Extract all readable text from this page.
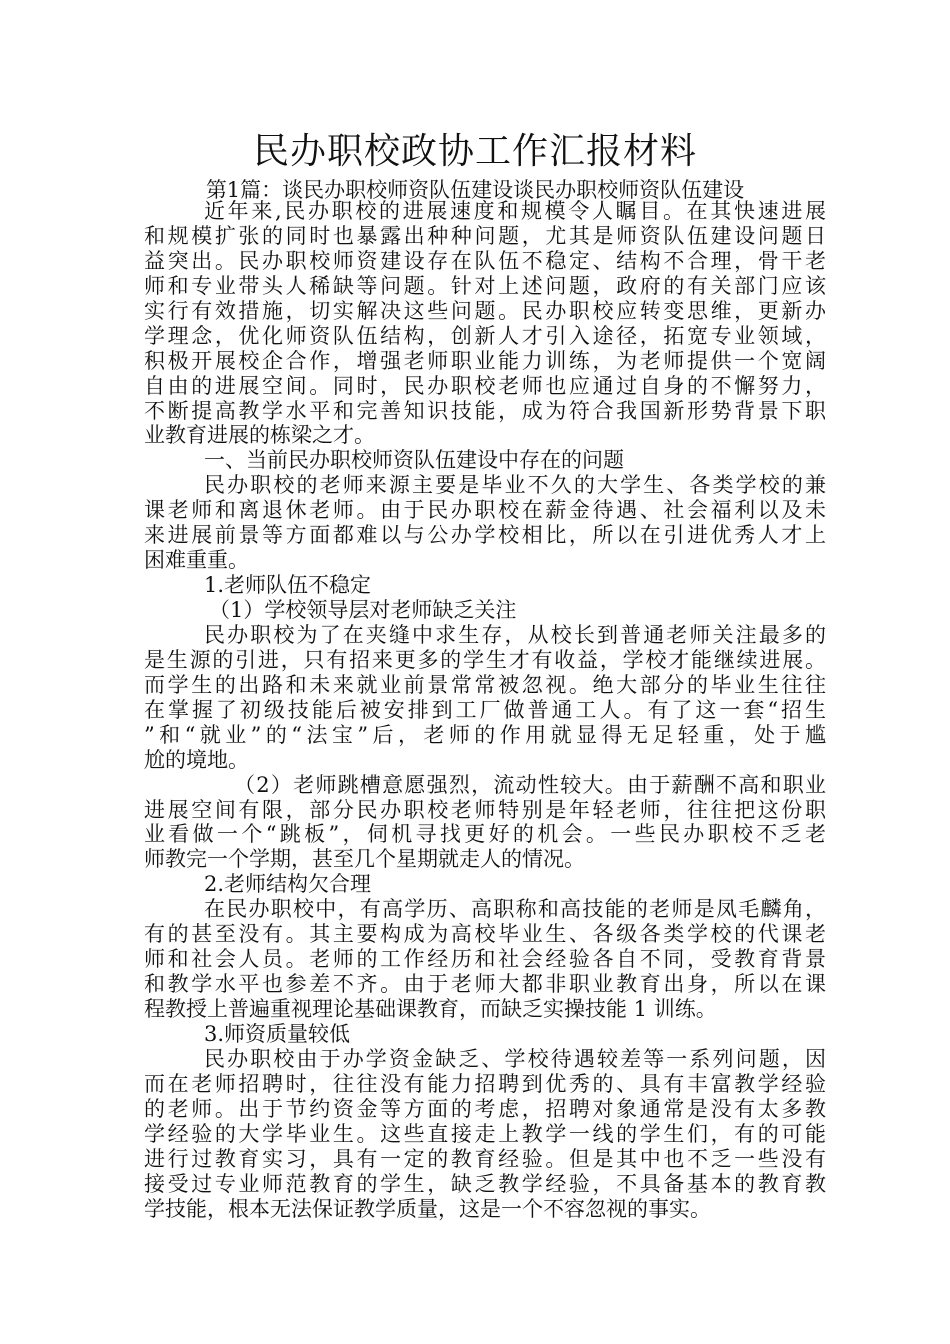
民办职校政协工作汇报材料

第1篇：谈民办职校师资队伍建设谈民办职校师资队伍建设

近年来,民办职校的进展速度和规模令人瞩目。在其快速进展
和规模扩张的同时也暴露出种种问题，尤其是师资队伍建设问题日
益突出。民办职校师资建设存在队伍不稳定、结构不合理，骨干老
师和专业带头人稀缺等问题。针对上述问题，政府的有关部门应该
实行有效措施，切实解决这些问题。民办职校应转变思维，更新办
学理念，优化师资队伍结构，创新人才引入途径，拓宽专业领域，
积极开展校企合作，增强老师职业能力训练，为老师提供一个宽阔
自由的进展空间。同时，民办职校老师也应通过自身的不懈努力，
不断提高教学水平和完善知识技能，成为符合我国新形势背景下职
业教育进展的栋梁之才。
一、当前民办职校师资队伍建设中存在的问题
民办职校的老师来源主要是毕业不久的大学生、各类学校的兼
课老师和离退休老师。由于民办职校在薪金待遇、社会福利以及未
来进展前景等方面都难以与公办学校相比，所以在引进优秀人才上
困难重重。
1.老师队伍不稳定
（1）学校领导层对老师缺乏关注
民办职校为了在夹缝中求生存，从校长到普通老师关注最多的
是生源的引进，只有招来更多的学生才有收益，学校才能继续进展。
而学生的出路和未来就业前景常常被忽视。绝大部分的毕业生往往
在掌握了初级技能后被安排到工厂做普通工人。有了这一套“招生
”和“就业”的“法宝”后，老师的作用就显得无足轻重，处于尴
尬的境地。
（2）老师跳槽意愿强烈，流动性较大。由于薪酬不高和职业
进展空间有限，部分民办职校老师特别是年轻老师，往往把这份职
业看做一个“跳板”，伺机寻找更好的机会。一些民办职校不乏老
师教完一个学期，甚至几个星期就走人的情况。
2.老师结构欠合理
在民办职校中，有高学历、高职称和高技能的老师是凤毛麟角，
有的甚至没有。其主要构成为高校毕业生、各级各类学校的代课老
师和社会人员。老师的工作经历和社会经验各自不同，受教育背景
和教学水平也参差不齐。由于老师大都非职业教育出身，所以在课
程教授上普遍重视理论基础课教育，而缺乏实操技能 1 训练。
3.师资质量较低
民办职校由于办学资金缺乏、学校待遇较差等一系列问题，因
而在老师招聘时，往往没有能力招聘到优秀的、具有丰富教学经验
的老师。出于节约资金等方面的考虑，招聘对象通常是没有太多教
学经验的大学毕业生。这些直接走上教学一线的学生们，有的可能
进行过教育实习，具有一定的教育经验。但是其中也不乏一些没有
接受过专业师范教育的学生，缺乏教学经验，不具备基本的教育教
学技能，根本无法保证教学质量，这是一个不容忽视的事实。
